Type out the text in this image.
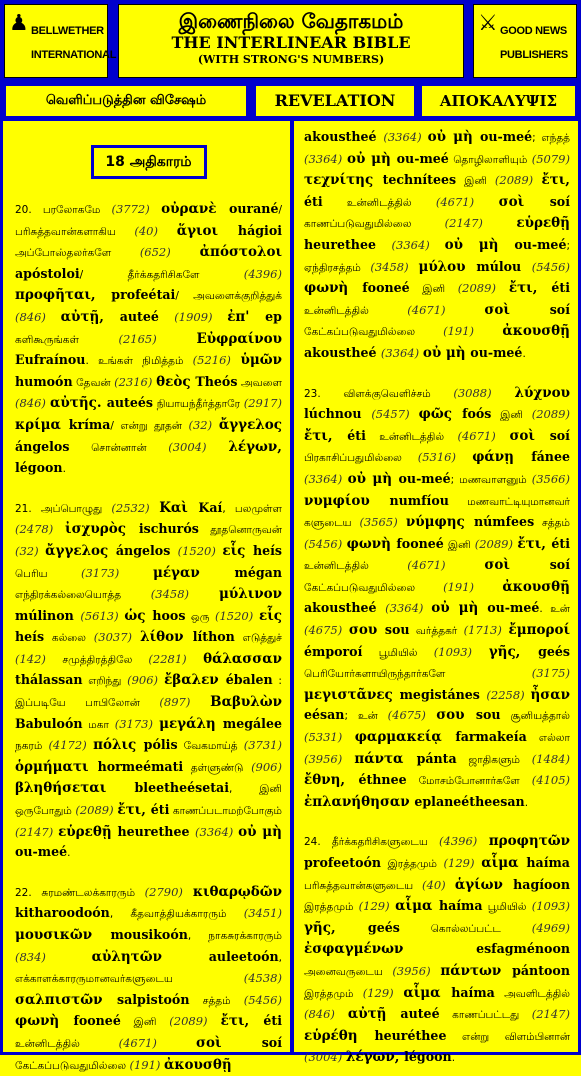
♟ BELLWETHER
INTERNATIONAL
இணைநிலை வேதாகமம்
THE INTERLINEAR BIBLE
(WITH STRONG'S NUMBERS)
⚔ GOOD NEWS
PUBLISHERS
வெளிப்படுத்தின விசேஷம்	REVELATION	ΑΠΟΚΑΛΥΨΙΣ
18 அதிகாரம்

20. பரலோகமே (3772) οὐρανὲ ourané/ பரிசுத்தவான்களாகிய (40) ἅγιοι hágioi அப்போஸ்தலர்களே (652) ἀπόστολοι apóstoloi/ தீர்க்கதரிசிகளே (4396) προφῆται, profeétai/ அவளைக்குறித்துக் (846) αὐτῇ, auteé (1909) ἐπ' ep களிகூருங்கள் (2165) Εὐφραίνου Eufraínou. உங்கள் நிமித்தம் (5216) ὑμῶν humoón தேவன் (2316) θεὸς Theós அவளை (846) αὐτῆς. auteés நியாயந்தீர்த்தாரே (2917) κρίμα kríma/ என்று தூதன் (32) ἄγγελος ángelos சொன்னான் (3004) λέγων, légoon.

21. அப்பொழுது (2532) Καὶ Kaí, பலமுள்ள (2478) ἰσχυρὸς ischurós தூதனொருவன் (32) ἄγγελος ángelos (1520) εἷς heís பெரிய (3173) μέγαν mégan எந்திரக்கல்லையொத்த (3458) μύλινον múlinon (5613) ὡς hoos ஒரு (1520) εἷς heís கல்லை (3037) λίθον líthon எடுத்துச் (142) சமுத்திரத்திலே (2281) θάλασσαν thálassan எறிந்து (906) ἔβαλεν ébalen : இப்படியே பாபிலோன் (897) Βαβυλὼν Babuloón மகா (3173) μεγάλη megálee நகரம் (4172) πόλις pólis வேகமாய்த் (3731) ὁρμήματι hormeémati தள்ளுண்டு (906) βληθήσεται bleetheésetai, இனி ஒருபோதும் (2089) ἔτι, éti காணப்படாமற்போகும் (2147) εὑρεθῇ heurethee (3364) οὐ μὴ ou-meé.

22. சுரமண்டலக்காரரும் (2790) κιθαρῳδῶν kitharoodoón, கீதவாத்தியக்காரரும் (3451) μουσικῶν mousikoón, நாகசுரக்காரரும் (834) αὐλητῶν auleetoón, எக்காளக்காரருமானவர்களுடைய (4538) σαλπιστῶν salpistoón சத்தம் (5456) φωνὴ fooneé இனி (2089) ἔτι, éti உன்னிடத்தில் (4671) σοὶ soí கேட்கப்படுவதுமில்லை (191) ἀκουσθῇ

akoustheé (3364) οὐ μὴ ou-meé; எந்தத் (3364) οὐ μὴ ou-meé தொழிலாளியும் (5079) τεχνίτης technítees இனி (2089) ἔτι, éti உன்னிடத்தில் (4671) σοὶ soí காணப்படுவதுமில்லை (2147) εὑρεθῇ heurethee (3364) οὐ μὴ ou-meé; ஏந்திரசத்தம் (3458) μύλου múlou (5456) φωνὴ fooneé இனி (2089) ἔτι, éti உன்னிடத்தில் (4671) σοὶ soí கேட்கப்படுவதுமில்லை (191) ἀκουσθῇ akoustheé (3364) οὐ μὴ ou-meé.

23. விளக்குவெளிச்சம் (3088) λύχνου lúchnou (5457) φῶς foós இனி (2089) ἔτι, éti உன்னிடத்தில் (4671) σοὶ soí பிரகாசிப்பதுமில்லை (5316) φάνῃ fánee (3364) οὐ μὴ ou-meé; மணவாளனும் (3566) νυμφίου numfíou மணவாட்டியுமானவர் களுடைய (3565) νύμφης númfees சத்தம் (5456) φωνὴ fooneé இனி (2089) ἔτι, éti உன்னிடத்தில் (4671) σοὶ soí கேட்கப்படுவதுமில்லை (191) ἀκουσθῇ akoustheé (3364) οὐ μὴ ou-meé. உன் (4675) σου sou வர்த்தகர் (1713) ἔμποροί émporoí பூமியில் (1093) γῆς, geés பெரியோர்களாயிருந்தார்களே (3175) μεγιστᾶνες megistánes (2258) ἦσαν eésan; உன் (4675) σου sou சூனியத்தால் (5331) φαρμακείᾳ farmakeía எல்லா (3956) πάντα pánta ஜாதிகளும் (1484) ἔθνη, éthnee மோசம்போனார்களே (4105) ἐπλανήθησαν eplaneétheesan.

24. தீர்க்கதரிசிகளுடைய (4396) προφητῶν profeetoón இரத்தமும் (129) αἷμα haíma பரிசுத்தவான்களுடைய (40) ἁγίων hagíoon இரத்தமும் (129) αἷμα haíma பூமியில் (1093) γῆς, geés கொல்லப்பட்ட (4969) ἐσφαγμένων esfagménoon அனைவருடைய (3956) πάντων pántoon இரத்தமும் (129) αἷμα haíma அவளிடத்தில் (846) αὐτῇ auteé காணப்பட்டது (2147) εὑρέθη heuréthee என்று விளம்பினான் (3004) λέγων, légoon.
